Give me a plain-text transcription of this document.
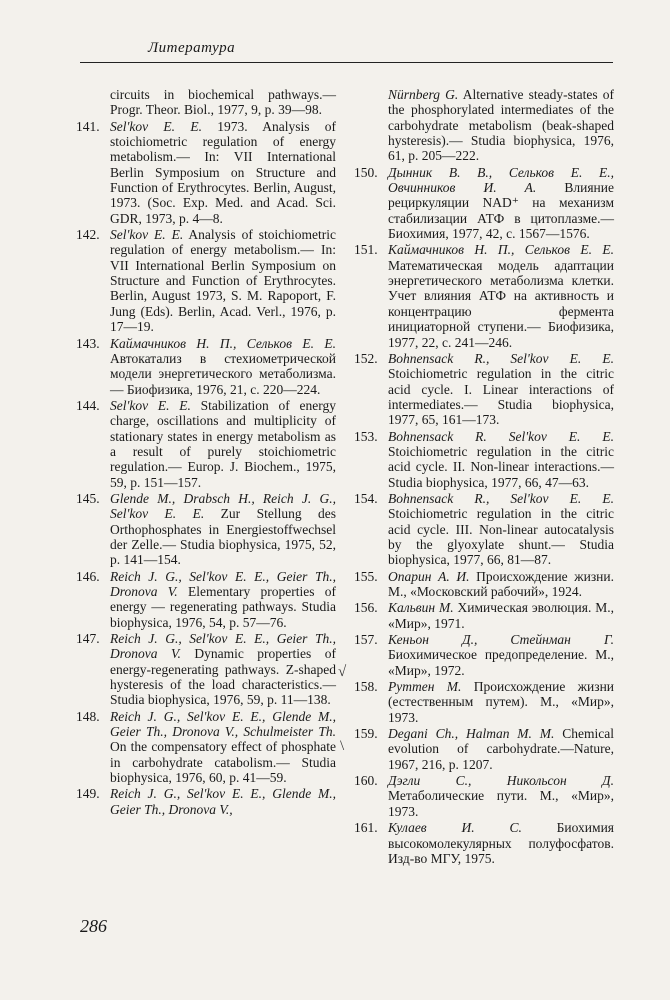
Литература
circuits in biochemical pathways.— Progr. Theor. Biol., 1977, 9, p. 39—98.
141. Sel'kov E. E. 1973. Analysis of stoichiometric regulation of energy metabolism.— In: VII International Berlin Symposium on Structure and Function of Erythrocytes. Berlin, August, 1973. (Soc. Exp. Med. and Acad. Sci. GDR, 1973, p. 4—8.
142. Sel'kov E. E. Analysis of stoichiometric regulation of energy metabolism.— In: VII International Berlin Symposium on Structure and Function of Erythrocytes. Berlin, August 1973, S. M. Rapoport, F. Jung (Eds). Berlin, Acad. Verl., 1976, p. 17—19.
143. Каймачников Н. П., Сельков Е. Е. Автокатализ в стехиометрической модели энергетического метаболизма.— Биофизика, 1976, 21, с. 220—224.
144. Sel'kov E. E. Stabilization of energy charge, oscillations and multiplicity of stationary states in energy metabolism as a result of purely stoichiometric regulation.— Europ. J. Biochem., 1975, 59, p. 151—157.
145. Glende M., Drabsch H., Reich J. G., Sel'kov E. E. Zur Stellung des Orthophosphates in Energiestoffwechsel der Zelle.— Studia biophysica, 1975, 52, p. 141—154.
146. Reich J. G., Sel'kov E. E., Geier Th., Dronova V. Elementary properties of energy — regenerating pathways. Studia biophysica, 1976, 54, p. 57—76.
147. Reich J. G., Sel'kov E. E., Geier Th., Dronova V. Dynamic properties of energy-regenerating pathways. Z-shaped hysteresis of the load characteristics.— Studia biophysica, 1976, 59, p. 11—138.
148. Reich J. G., Sel'kov E. E., Glende M., Geier Th., Dronova V., Schulmeister Th. On the compensatory effect of phosphate in carbohydrate catabolism.— Studia biophysica, 1976, 60, p. 41—59.
149. Reich J. G., Sel'kov E. E., Glende M., Geier Th., Dronova V.,
Nürnberg G. Alternative steady-states of the phosphorylated intermediates of the carbohydrate metabolism (beak-shaped hysteresis).— Studia biophysica, 1976, 61, p. 205—222.
150. Дынник В. В., Сельков Е. Е., Овчинников И. А. Влияние рециркуляции NAD⁺ на механизм стабилизации АТФ в цитоплазме.— Биохимия, 1977, 42, с. 1567—1576.
151. Каймачников Н. П., Сельков Е. Е. Математическая модель адаптации энергетического метаболизма клетки. Учет влияния АТФ на активность и концентрацию фермента инициаторной ступени.— Биофизика, 1977, 22, с. 241—246.
152. Bohnensack R., Sel'kov E. E. Stoichiometric regulation in the citric acid cycle. I. Linear interactions of intermediates.— Studia biophysica, 1977, 65, 161—173.
153. Bohnensack R. Sel'kov E. E. Stoichiometric regulation in the citric acid cycle. II. Non-linear interactions.— Studia biophysica, 1977, 66, 47—63.
154. Bohnensack R., Sel'kov E. E. Stoichiometric regulation in the citric acid cycle. III. Non-linear autocatalysis by the glyoxylate shunt.— Studia biophysica, 1977, 66, 81—87.
155. Опарин А. И. Происхождение жизни. М., «Московский рабочий», 1924.
156. Кальвин М. Химическая эволюция. М., «Мир», 1971.
157. Кеньон Д., Стейнман Г. Биохимическое предопределение. М., «Мир», 1972.
158. Руттен М. Происхождение жизни (естественным путем). М., «Мир», 1973.
159. Degani Ch., Halman M. M. Chemical evolution of carbohydrate.—Nature, 1967, 216, p. 1207.
160. Дэгли С., Никольсон Д. Метаболические пути. М., «Мир», 1973.
161. Кулаев И. С.	Биохимия высокомолекулярных полуфосфатов. Изд-во МГУ, 1975.
√
\
286
